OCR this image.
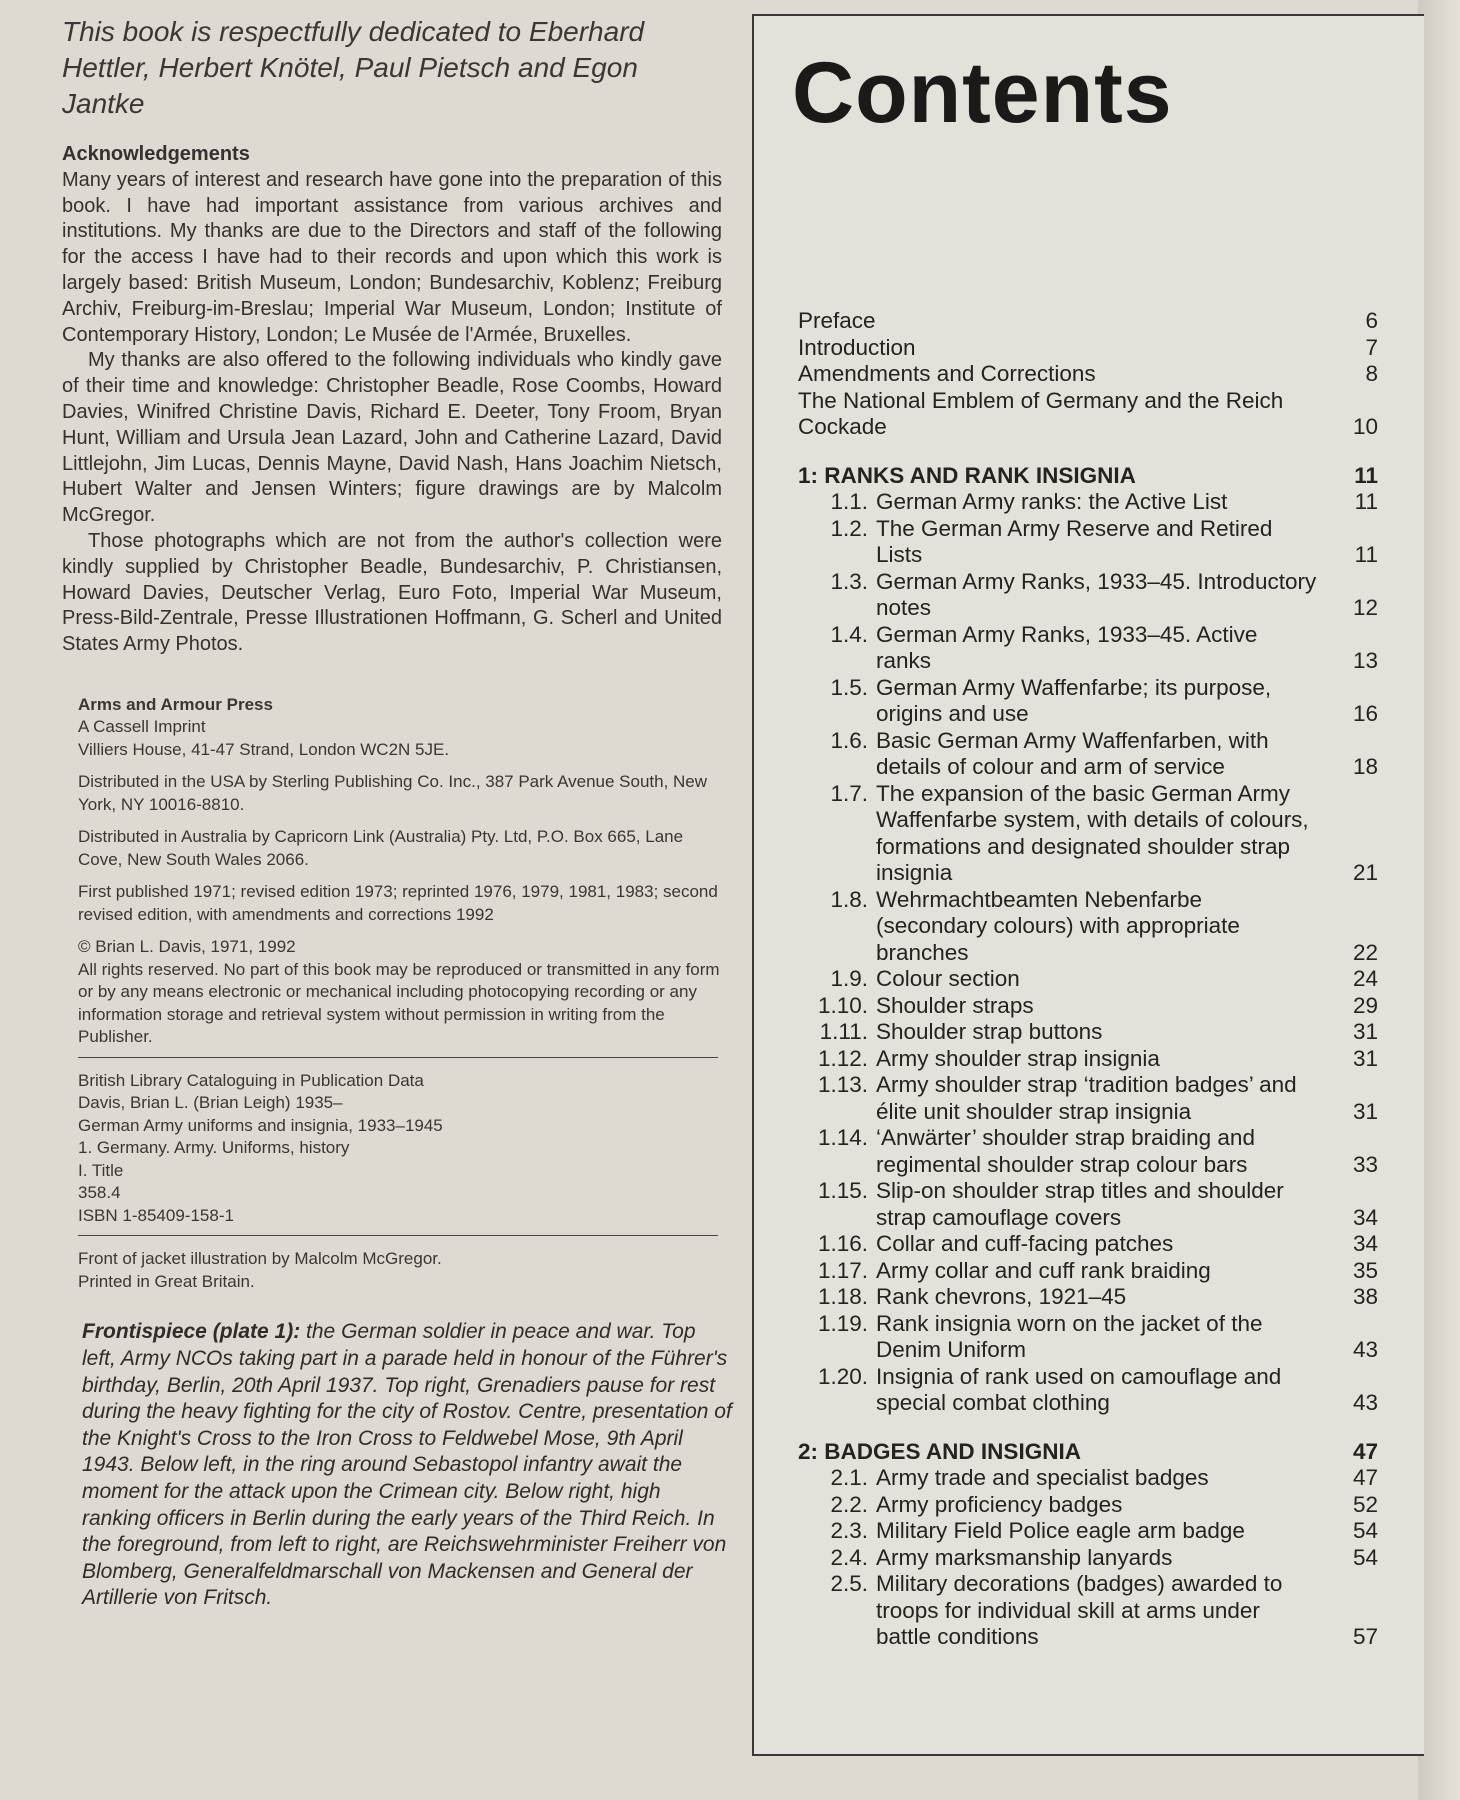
This book is respectfully dedicated to Eberhard Hettler, Herbert Knötel, Paul Pietsch and Egon Jantke

Acknowledgements

Many years of interest and research have gone into the preparation of this book. I have had important assistance from various archives and institutions. My thanks are due to the Directors and staff of the following for the access I have had to their records and upon which this work is largely based: British Museum, London; Bundesarchiv, Koblenz; Freiburg Archiv, Freiburg-im-Breslau; Imperial War Museum, London; Institute of Contemporary History, London; Le Musée de l'Armée, Bruxelles.

My thanks are also offered to the following individuals who kindly gave of their time and knowledge: Christopher Beadle, Rose Coombs, Howard Davies, Winifred Christine Davis, Richard E. Deeter, Tony Froom, Bryan Hunt, William and Ursula Jean Lazard, John and Catherine Lazard, David Littlejohn, Jim Lucas, Dennis Mayne, David Nash, Hans Joachim Nietsch, Hubert Walter and Jensen Winters; figure drawings are by Malcolm McGregor.

Those photographs which are not from the author's collection were kindly supplied by Christopher Beadle, Bundesarchiv, P. Christiansen, Howard Davies, Deutscher Verlag, Euro Foto, Imperial War Museum, Press-Bild-Zentrale, Presse Illustrationen Hoffmann, G. Scherl and United States Army Photos.

Arms and Armour Press
A Cassell Imprint
Villiers House, 41-47 Strand, London WC2N 5JE.
Distributed in the USA by Sterling Publishing Co. Inc., 387 Park Avenue South, New York, NY 10016-8810.
Distributed in Australia by Capricorn Link (Australia) Pty. Ltd, P.O. Box 665, Lane Cove, New South Wales 2066.
First published 1971; revised edition 1973; reprinted 1976, 1979, 1981, 1983; second revised edition, with amendments and corrections 1992
© Brian L. Davis, 1971, 1992
All rights reserved. No part of this book may be reproduced or transmitted in any form or by any means electronic or mechanical including photocopying recording or any information storage and retrieval system without permission in writing from the Publisher.
British Library Cataloguing in Publication Data
Davis, Brian L. (Brian Leigh) 1935–
German Army uniforms and insignia, 1933–1945
1. Germany. Army. Uniforms, history
I. Title
358.4
ISBN 1-85409-158-1
Front of jacket illustration by Malcolm McGregor.
Printed in Great Britain.
Frontispiece (plate 1): the German soldier in peace and war. Top left, Army NCOs taking part in a parade held in honour of the Führer's birthday, Berlin, 20th April 1937. Top right, Grenadiers pause for rest during the heavy fighting for the city of Rostov. Centre, presentation of the Knight's Cross to the Iron Cross to Feldwebel Mose, 9th April 1943. Below left, in the ring around Sebastopol infantry await the moment for the attack upon the Crimean city. Below right, high ranking officers in Berlin during the early years of the Third Reich. In the foreground, from left to right, are Reichswehrminister Freiherr von Blomberg, Generalfeldmarschall von Mackensen and General der Artillerie von Fritsch.
Contents
Preface	6
Introduction	7
Amendments and Corrections	8
The National Emblem of Germany and the Reich Cockade	10
1: RANKS AND RANK INSIGNIA	11
1.1. German Army ranks: the Active List	11
1.2. The German Army Reserve and Retired Lists	11
1.3. German Army Ranks, 1933–45. Introductory notes	12
1.4. German Army Ranks, 1933–45. Active ranks	13
1.5. German Army Waffenfarbe; its purpose, origins and use	16
1.6. Basic German Army Waffenfarben, with details of colour and arm of service	18
1.7. The expansion of the basic German Army Waffenfarbe system, with details of colours, formations and designated shoulder strap insignia	21
1.8. Wehrmachtbeamten Nebenfarbe (secondary colours) with appropriate branches	22
1.9. Colour section	24
1.10. Shoulder straps	29
1.11. Shoulder strap buttons	31
1.12. Army shoulder strap insignia	31
1.13. Army shoulder strap ‘tradition badges’ and élite unit shoulder strap insignia	31
1.14. ‘Anwärter’ shoulder strap braiding and regimental shoulder strap colour bars	33
1.15. Slip-on shoulder strap titles and shoulder strap camouflage covers	34
1.16. Collar and cuff-facing patches	34
1.17. Army collar and cuff rank braiding	35
1.18. Rank chevrons, 1921–45	38
1.19. Rank insignia worn on the jacket of the Denim Uniform	43
1.20. Insignia of rank used on camouflage and special combat clothing	43
2: BADGES AND INSIGNIA	47
2.1. Army trade and specialist badges	47
2.2. Army proficiency badges	52
2.3. Military Field Police eagle arm badge	54
2.4. Army marksmanship lanyards	54
2.5. Military decorations (badges) awarded to troops for individual skill at arms under battle conditions	57
